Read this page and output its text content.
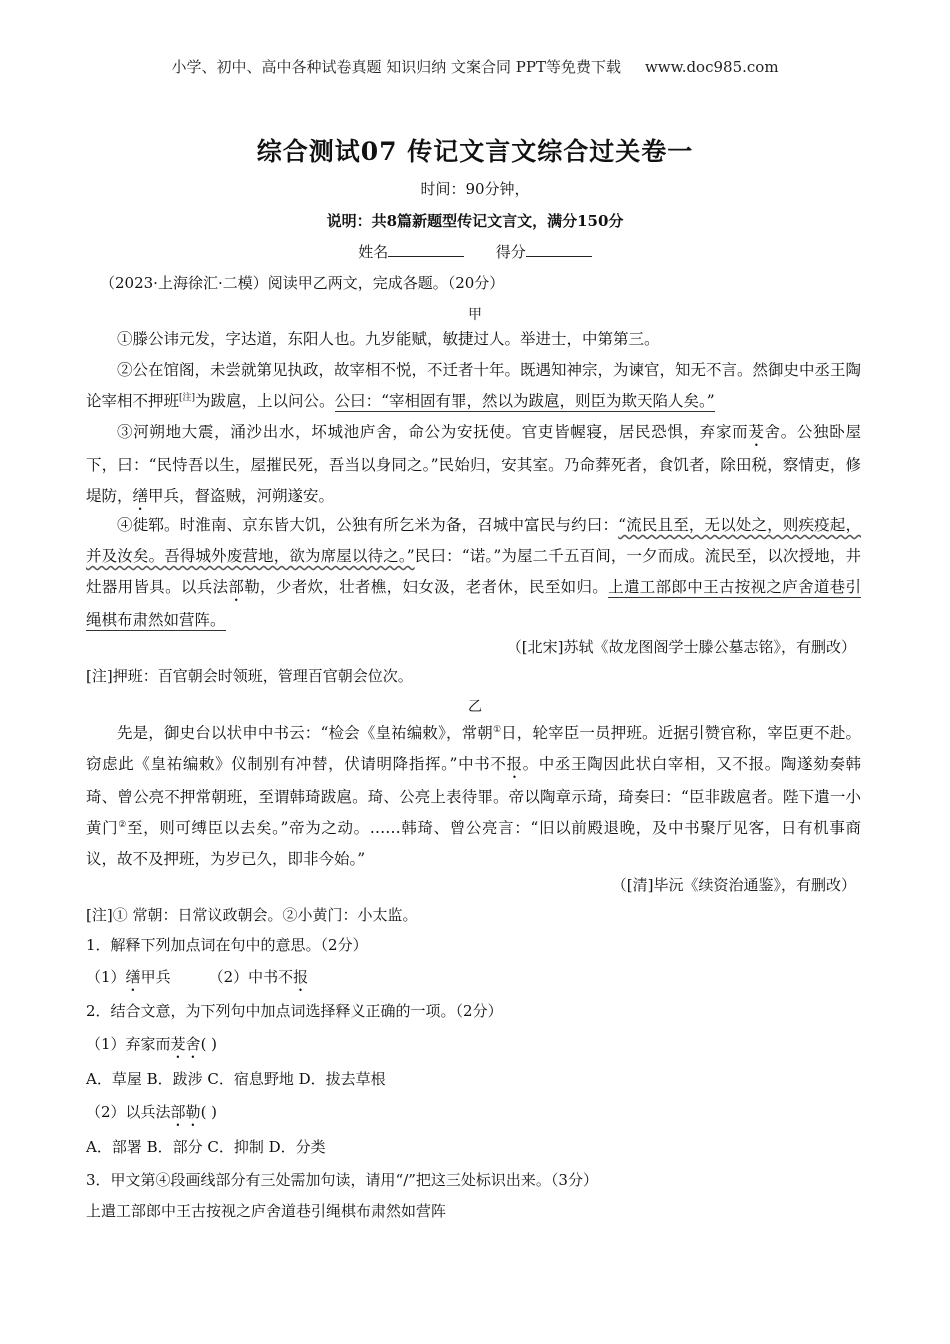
小学、初中、高中各种试卷真题 知识归纳 文案合同 PPT等免费下载 www.doc985.com
综合测试07 传记文言文综合过关卷一
时间：90分钟，
说明：共8篇新题型传记文言文，满分150分
姓名	得分
（2023·上海徐汇·二模）阅读甲乙两文，完成各题。（20分）
甲
①滕公讳元发，字达道，东阳人也。九岁能赋，敏捷过人。举进士，中第第三。
②公在馆阁，未尝就第见执政，故宰相不悦，不迁者十年。既遇知神宗，为谏官，知无不言。然御史中丞王陶论宰相不押班[注]为跋扈，上以问公。公曰：“宰相固有罪，然以为跋扈，则臣为欺天陷人矣。”
③河朔地大震，涌沙出水，坏城池庐舍，命公为安抚使。官吏皆幄寝，居民恐惧，弃家而茇舍。公独卧屋下，曰：“民恃吾以生，屋摧民死，吾当以身同之。”民始归，安其室。乃命葬死者，食饥者，除田税，察情吏，修堤防，缮甲兵，督盗贼，河朔遂安。
④徙郓。时淮南、京东皆大饥，公独有所乞米为备，召城中富民与约曰：“流民且至，无以处之，则疾疫起，并及汝矣。吾得城外废营地，欲为席屋以待之。”民曰：“诺。”为屋二千五百间，一夕而成。流民至，以次授地，井灶器用皆具。以兵法部勒，少者炊，壮者樵，妇女汲，老者休，民至如归。上遣工部郎中王古按视之庐舍道巷引绳棋布肃然如营阵。
（[北宋]苏轼《故龙图阁学士滕公墓志铭》，有删改）
[注]押班：百官朝会时领班，管理百官朝会位次。
乙
先是，御史台以状申中书云：“检会《皇祐编敕》，常朝①日，轮宰臣一员押班。近据引赞官称，宰臣更不赴。窃虑此《皇祐编敕》仪制别有冲替，伏请明降指挥。”中书不报。中丞王陶因此状白宰相，又不报。陶遂劾奏韩琦、曾公亮不押常朝班，至谓韩琦跋扈。琦、公亮上表待罪。帝以陶章示琦，琦奏曰：“臣非跋扈者。陛下遣一小黄门②至，则可缚臣以去矣。”帝为之动。……韩琦、曾公亮言：“旧以前殿退晚，及中书聚厅见客，日有机事商议，故不及押班，为岁已久，即非今始。”
（[清]毕沅《续资治通鉴》，有删改）
[注]① 常朝：日常议政朝会。②小黄门：小太监。
1．解释下列加点词在句中的意思。（2分）
（1）缮甲兵	（2）中书不报
2．结合文意，为下列句中加点词选择释义正确的一项。（2分）
（1）弃家而茇舍( )
A．草屋 B．跋涉 C．宿息野地 D．拔去草根
（2）以兵法部勒( )
A．部署 B．部分 C．抑制 D．分类
3．甲文第④段画线部分有三处需加句读，请用“/”把这三处标识出来。（3分）
上遣工部郎中王古按视之庐舍道巷引绳棋布肃然如营阵
